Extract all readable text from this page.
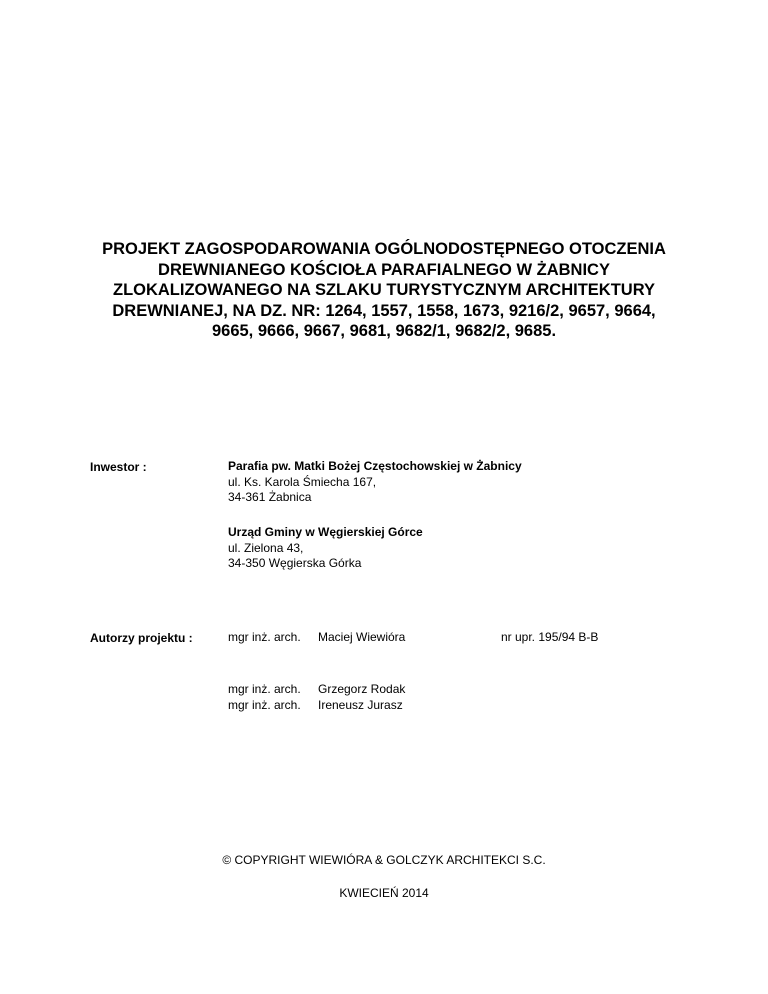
PROJEKT ZAGOSPODAROWANIA OGÓLNODOSTĘPNEGO OTOCZENIA
DREWNIANEGO KOŚCIOŁA PARAFIALNEGO W ŻABNICY
ZLOKALIZOWANEGO NA SZLAKU TURYSTYCZNYM ARCHITEKTURY
DREWNIANEJ, NA DZ. NR: 1264, 1557, 1558, 1673, 9216/2, 9657, 9664,
9665, 9666, 9667, 9681, 9682/1, 9682/2, 9685.
Inwestor :	Parafia pw. Matki Bożej Częstochowskiej w Żabnicy
ul. Ks. Karola Śmiecha 167,
34-361 Żabnica
Urząd Gminy w Węgierskiej Górce
ul. Zielona 43,
34-350 Węgierska Górka
Autorzy projektu :	mgr inż. arch. Maciej Wiewióra	nr upr. 195/94 B-B
mgr inż. arch. Grzegorz Rodak
mgr inż. arch. Ireneusz Jurasz
© COPYRIGHT WIEWIÓRA & GOLCZYK ARCHITEKCI S.C.
KWIECIEŃ 2014
